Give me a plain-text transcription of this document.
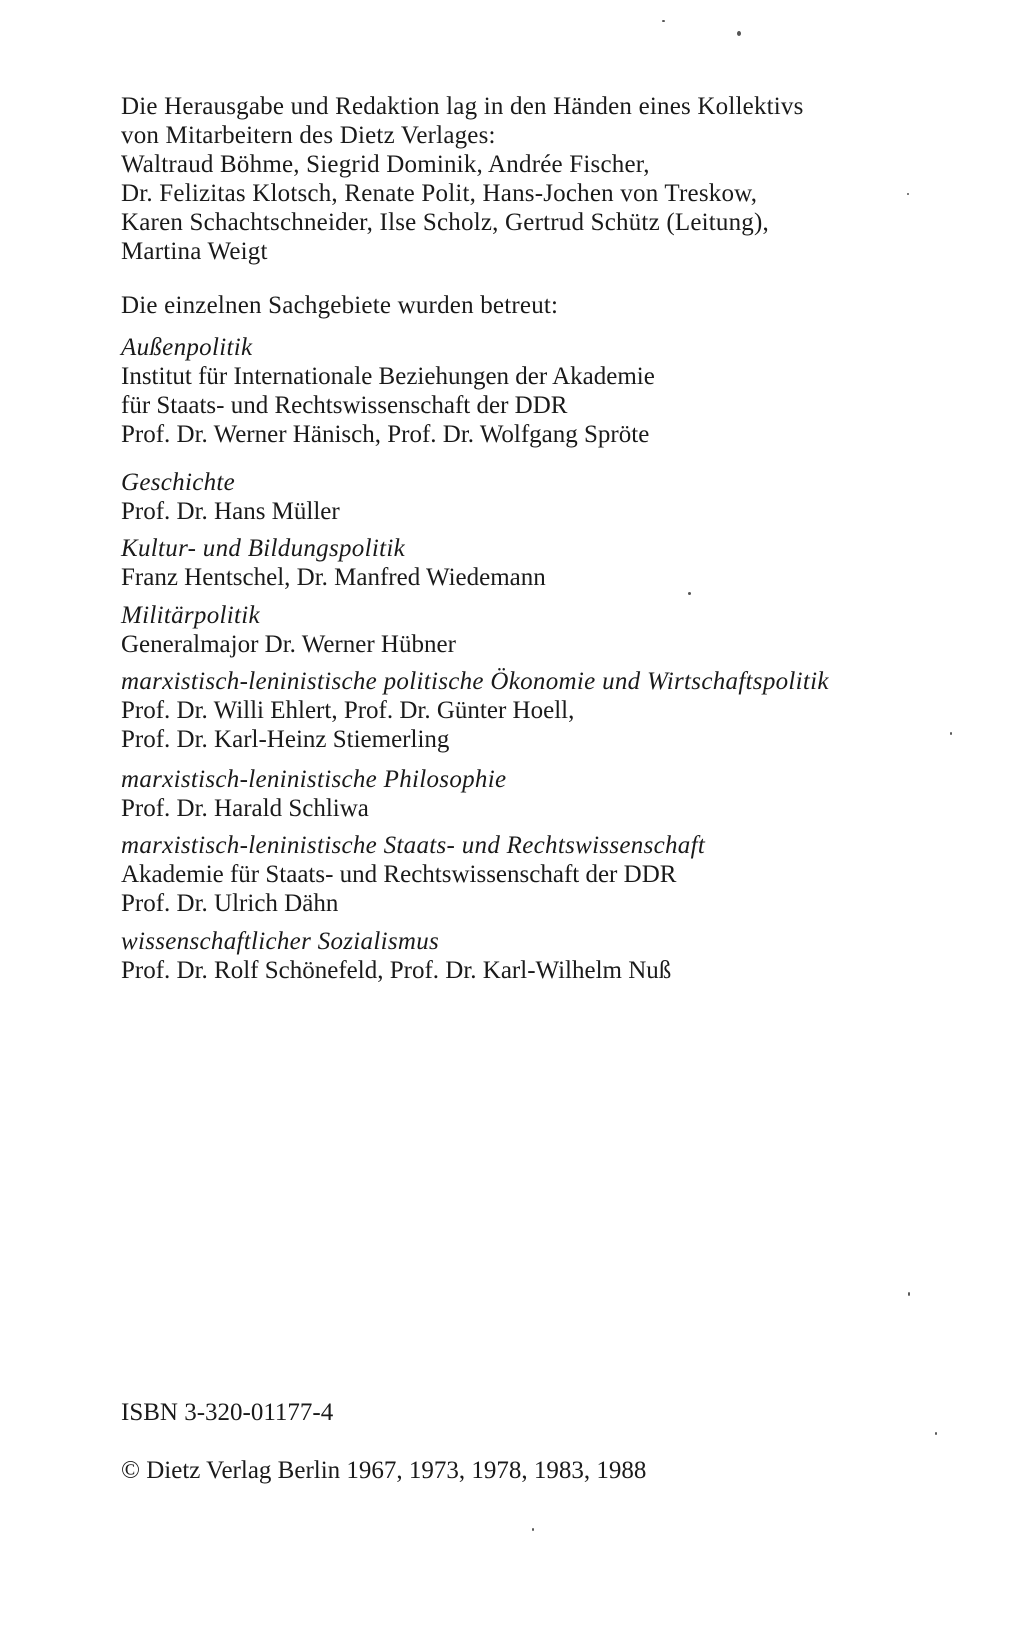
Die Herausgabe und Redaktion lag in den Händen eines Kollektivs
von Mitarbeitern des Dietz Verlages:
Waltraud Böhme, Siegrid Dominik, Andrée Fischer,
Dr. Felizitas Klotsch, Renate Polit, Hans-Jochen von Treskow,
Karen Schachtschneider, Ilse Scholz, Gertrud Schütz (Leitung),
Martina Weigt
Die einzelnen Sachgebiete wurden betreut:
Außenpolitik
Institut für Internationale Beziehungen der Akademie
für Staats- und Rechtswissenschaft der DDR
Prof. Dr. Werner Hänisch, Prof. Dr. Wolfgang Spröte
Geschichte
Prof. Dr. Hans Müller
Kultur- und Bildungspolitik
Franz Hentschel, Dr. Manfred Wiedemann
Militärpolitik
Generalmajor Dr. Werner Hübner
marxistisch-leninistische politische Ökonomie und Wirtschaftspolitik
Prof. Dr. Willi Ehlert, Prof. Dr. Günter Hoell,
Prof. Dr. Karl-Heinz Stiemerling
marxistisch-leninistische Philosophie
Prof. Dr. Harald Schliwa
marxistisch-leninistische Staats- und Rechtswissenschaft
Akademie für Staats- und Rechtswissenschaft der DDR
Prof. Dr. Ulrich Dähn
wissenschaftlicher Sozialismus
Prof. Dr. Rolf Schönefeld, Prof. Dr. Karl-Wilhelm Nuß
ISBN 3-320-01177-4
© Dietz Verlag Berlin 1967, 1973, 1978, 1983, 1988
